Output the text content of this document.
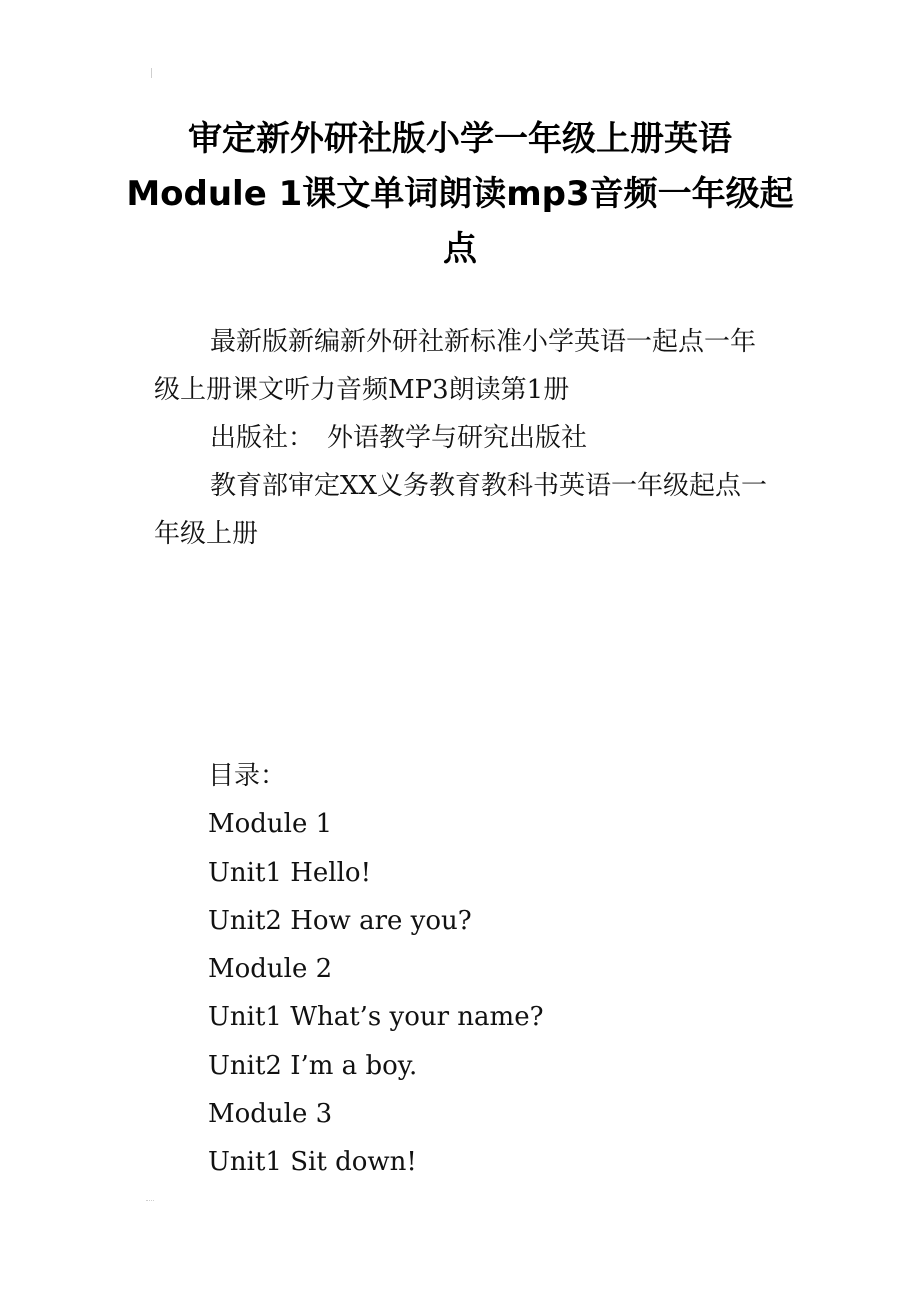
审定新外研社版小学一年级上册英语Module 1课文单词朗读mp3音频一年级起点

最新版新编新外研社新标准小学英语一起点一年级上册课文听力音频MP3朗读第1册

出版社：　外语教学与研究出版社

教育部审定XX义务教育教科书英语一年级起点一年级上册

目录：

Module 1
Unit1 Hello!
Unit2 How are you?
Module 2
Unit1 What’s your name?
Unit2 I’m a boy.
Module 3
Unit1 Sit down!
